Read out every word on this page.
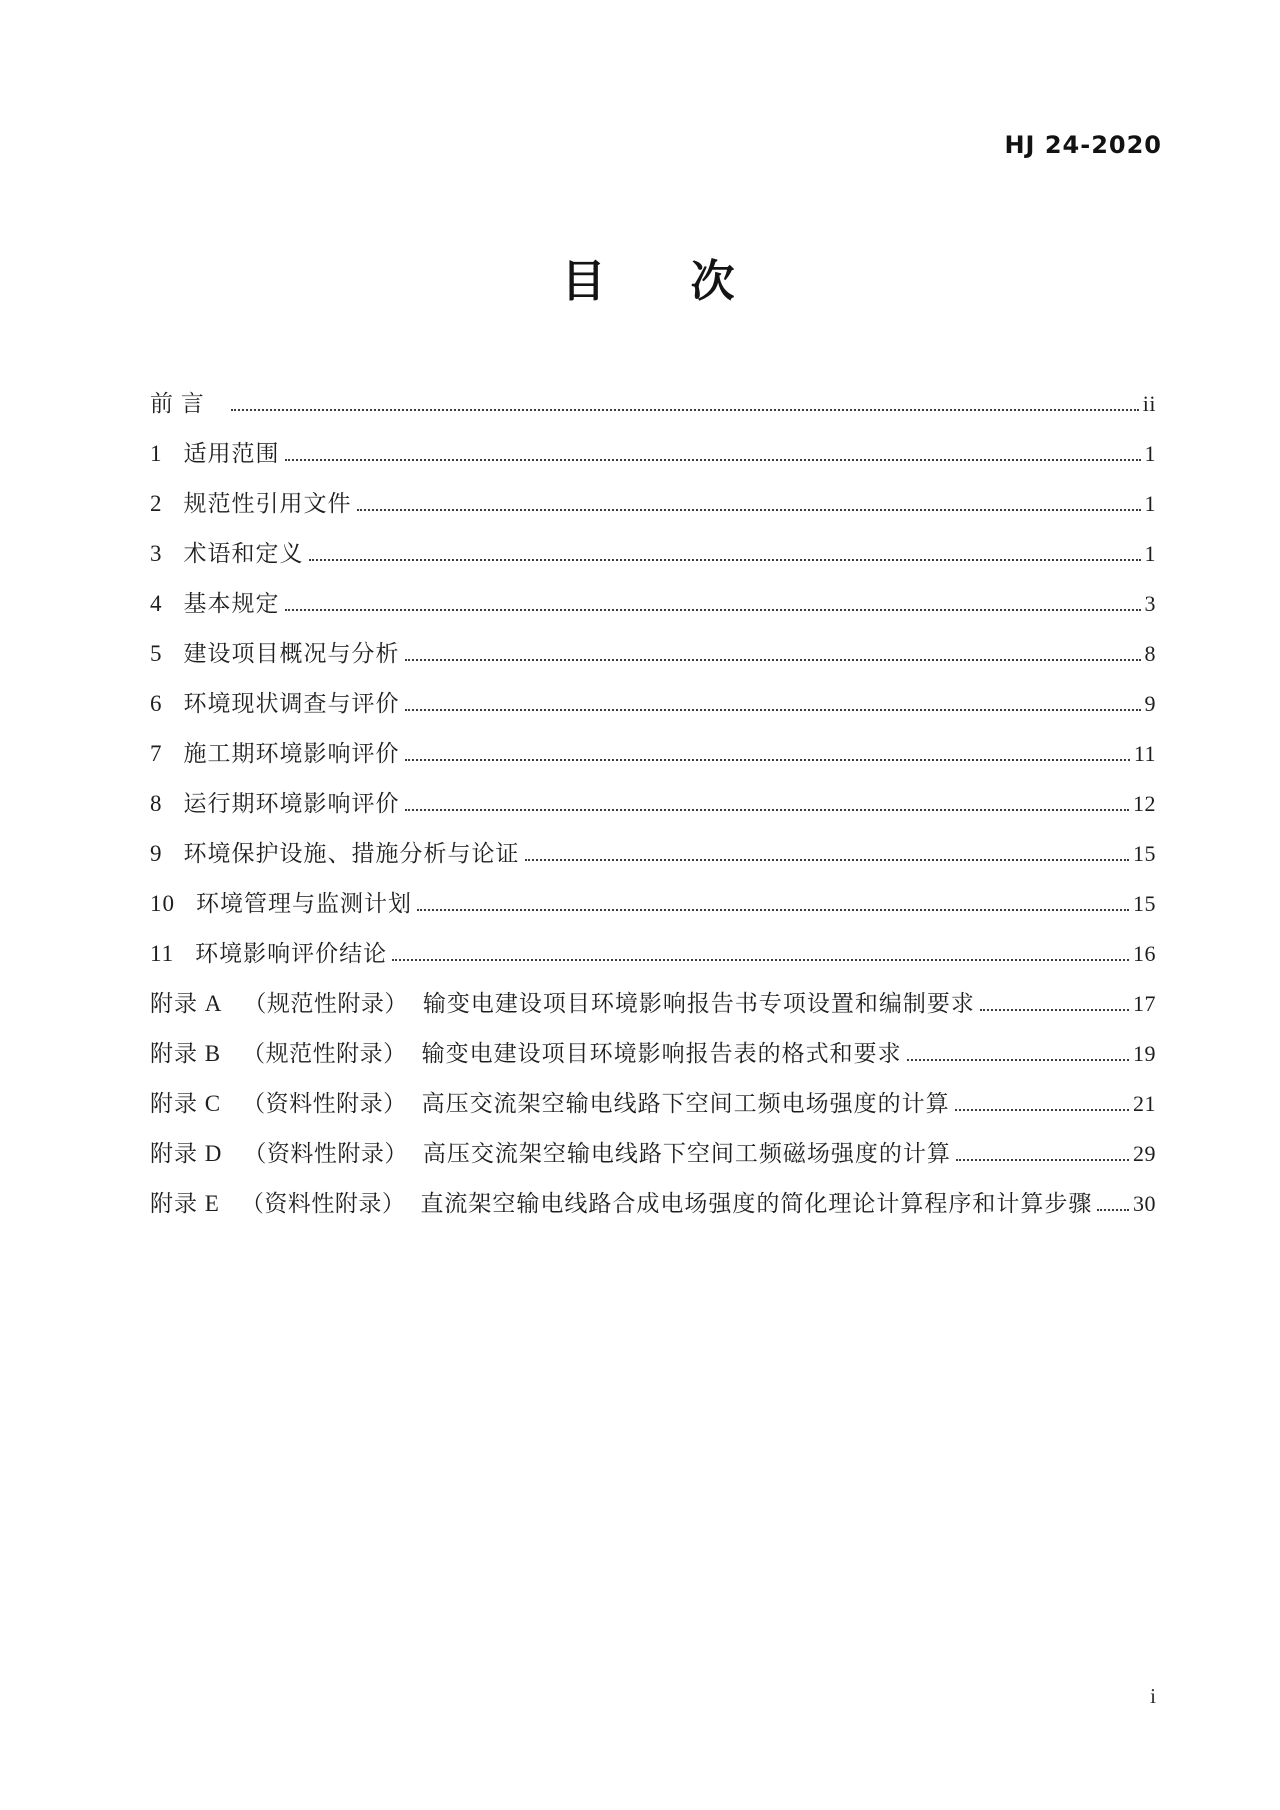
HJ 24-2020
目 次
前 言	ii
1 适用范围	1
2 规范性引用文件	1
3 术语和定义	1
4 基本规定	3
5 建设项目概况与分析	8
6 环境现状调查与评价	9
7 施工期环境影响评价	11
8 运行期环境影响评价	12
9 环境保护设施、措施分析与论证	15
10 环境管理与监测计划	15
11 环境影响评价结论	16
附录 A （规范性附录） 输变电建设项目环境影响报告书专项设置和编制要求	17
附录 B （规范性附录） 输变电建设项目环境影响报告表的格式和要求	19
附录 C （资料性附录） 高压交流架空输电线路下空间工频电场强度的计算	21
附录 D （资料性附录） 高压交流架空输电线路下空间工频磁场强度的计算	29
附录 E （资料性附录） 直流架空输电线路合成电场强度的简化理论计算程序和计算步骤 30
i
